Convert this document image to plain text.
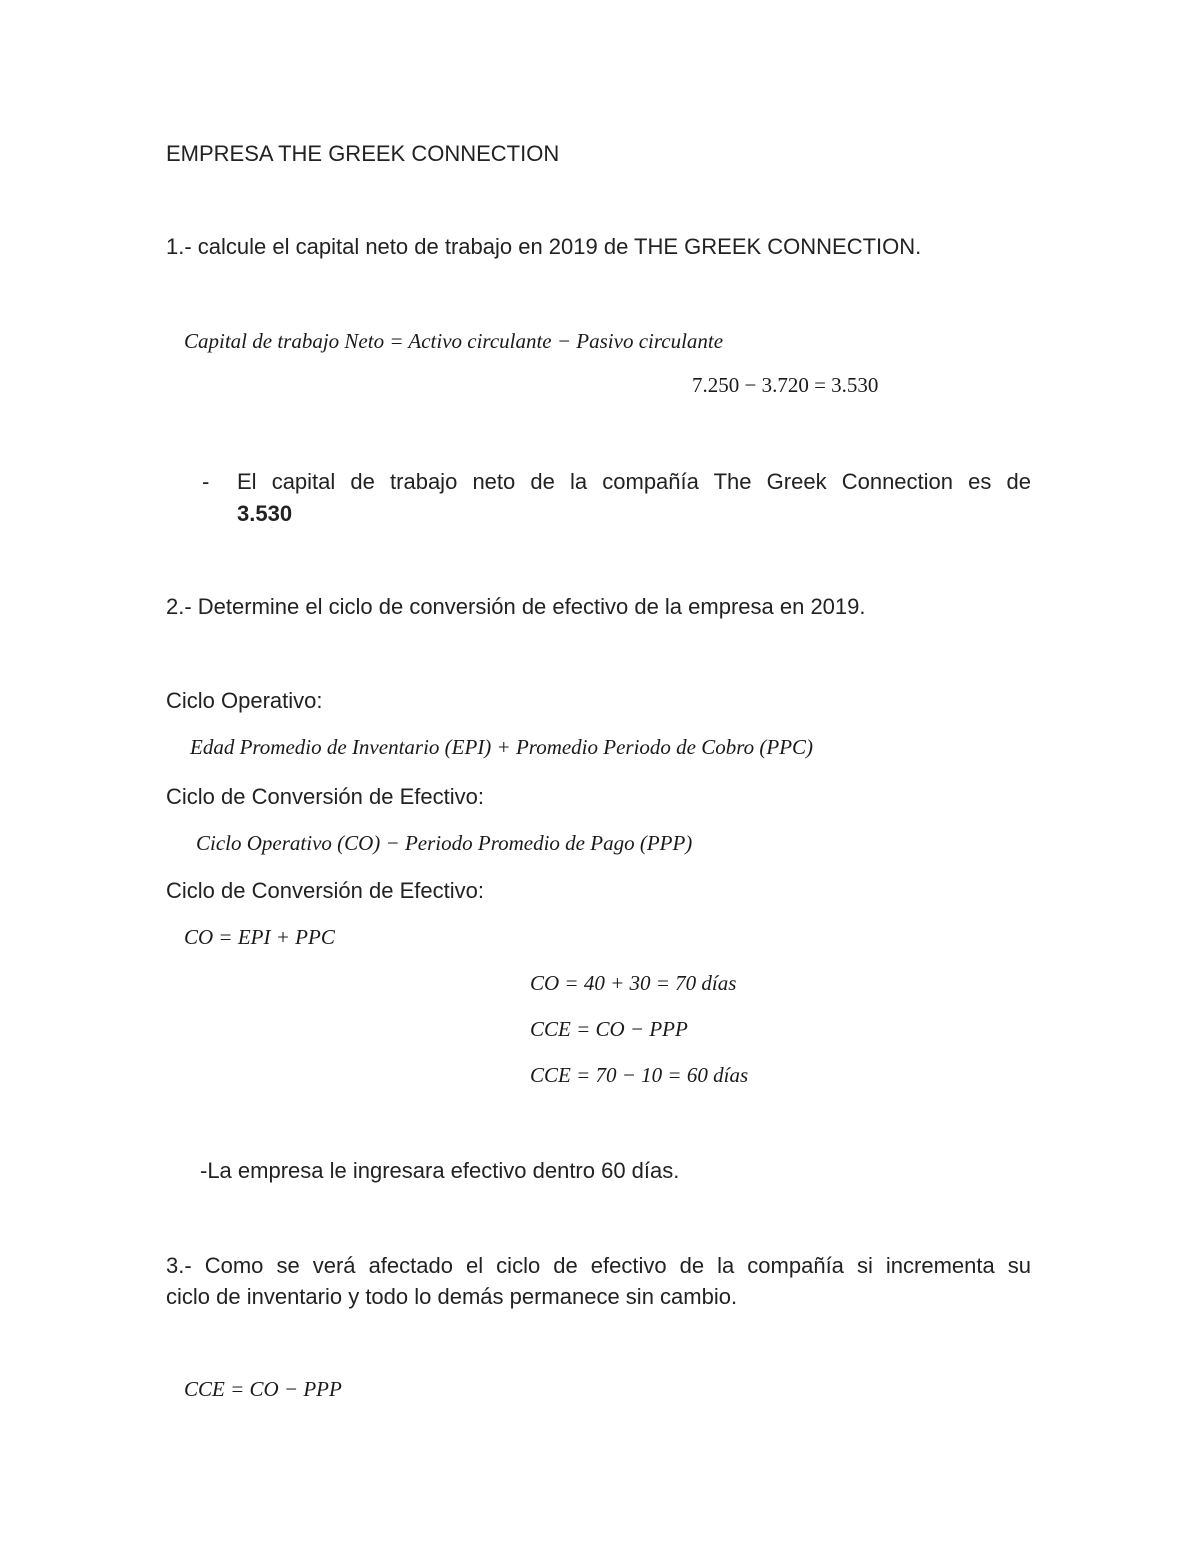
EMPRESA THE GREEK CONNECTION
1.- calcule el capital neto de trabajo en 2019 de THE GREEK CONNECTION.
Capital de trabajo Neto = Activo circulante − Pasivo circulante
7.250 − 3.720 = 3.530
- El capital de trabajo neto de la compañía The Greek Connection es de
3.530
2.- Determine el ciclo de conversión de efectivo de la empresa en 2019.
Ciclo Operativo:
Edad Promedio de Inventario (EPI) + Promedio Periodo de Cobro (PPC)
Ciclo de Conversión de Efectivo:
Ciclo Operativo (CO) − Periodo Promedio de Pago (PPP)
Ciclo de Conversión de Efectivo:
CO = EPI + PPC
CO = 40 + 30 = 70 días
CCE = CO − PPP
CCE = 70 − 10 = 60 días
-La empresa le ingresara efectivo dentro 60 días.
3.- Como se verá afectado el ciclo de efectivo de la compañía si incrementa su
ciclo de inventario y todo lo demás permanece sin cambio.
CCE = CO − PPP
